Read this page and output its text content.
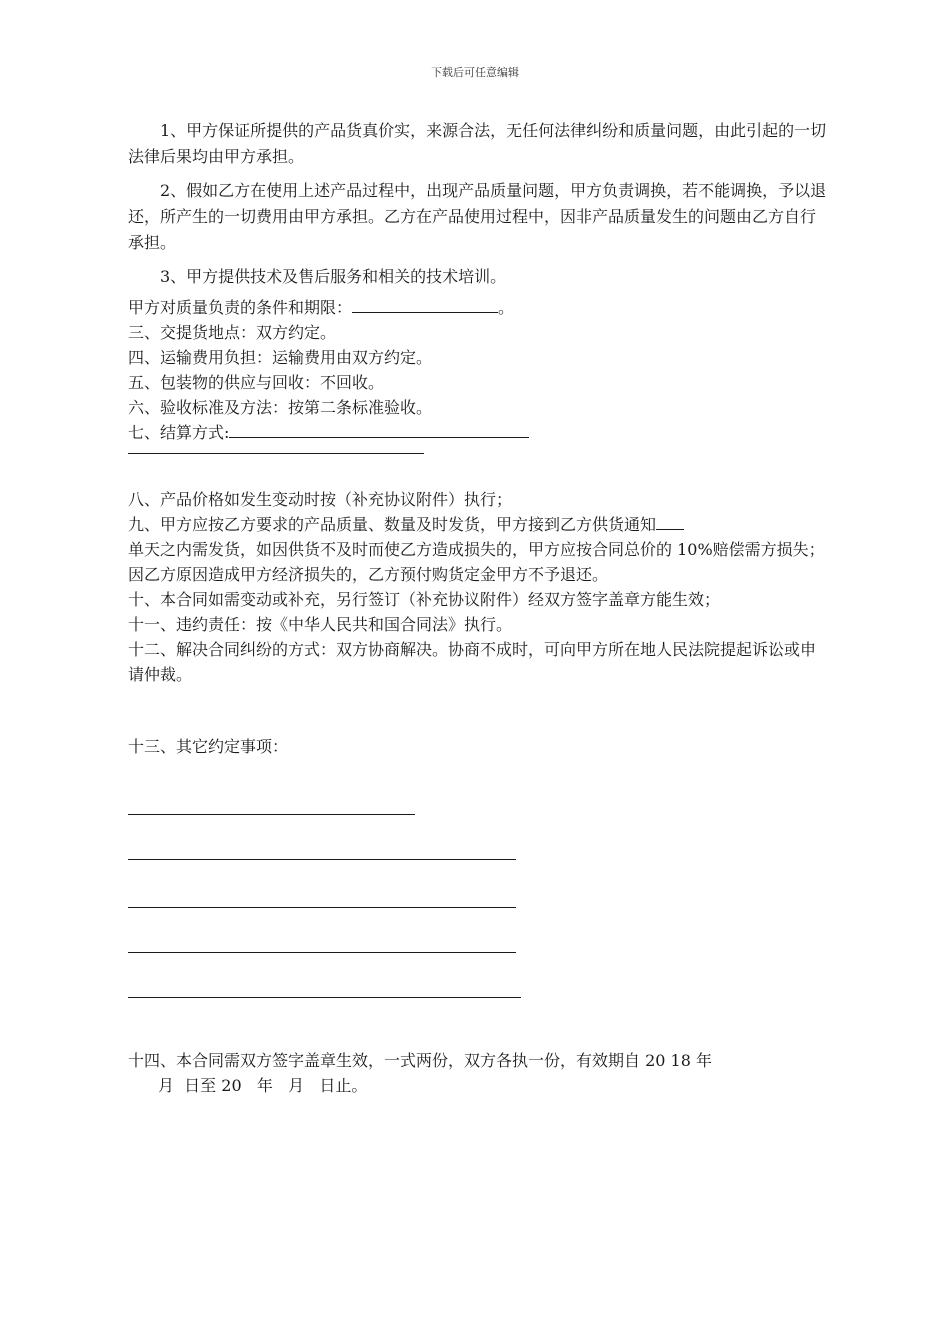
下载后可任意编辑

1、甲方保证所提供的产品货真价实，来源合法，无任何法律纠纷和质量问题，由此引起的一切法律后果均由甲方承担。

2、假如乙方在使用上述产品过程中，出现产品质量问题，甲方负责调换，若不能调换，予以退还，所产生的一切费用由甲方承担。乙方在产品使用过程中，因非产品质量发生的问题由乙方自行承担。

3、甲方提供技术及售后服务和相关的技术培训。

甲方对质量负责的条件和期限：	。

三、交提货地点：双方约定。

四、运输费用负担：运输费用由双方约定。

五、包装物的供应与回收：不回收。

六、验收标准及方法：按第二条标准验收。

七、结算方式:

八、产品价格如发生变动时按（补充协议附件）执行；

九、甲方应按乙方要求的产品质量、数量及时发货，甲方接到乙方供货通知

单天之内需发货，如因供货不及时而使乙方造成损失的，甲方应按合同总价的 10%赔偿需方损失；因乙方原因造成甲方经济损失的，乙方预付购货定金甲方不予退还。

十、本合同如需变动或补充，另行签订（补充协议附件）经双方签字盖章方能生效；

十一、违约责任：按《中华人民共和国合同法》执行。

十二、解决合同纠纷的方式：双方协商解决。协商不成时，可向甲方所在地人民法院提起诉讼或申请仲裁。

十三、其它约定事项：

十四、本合同需双方签字盖章生效，一式两份，双方各执一份，有效期自 20 18 年

月  日至 20   年   月   日止。
